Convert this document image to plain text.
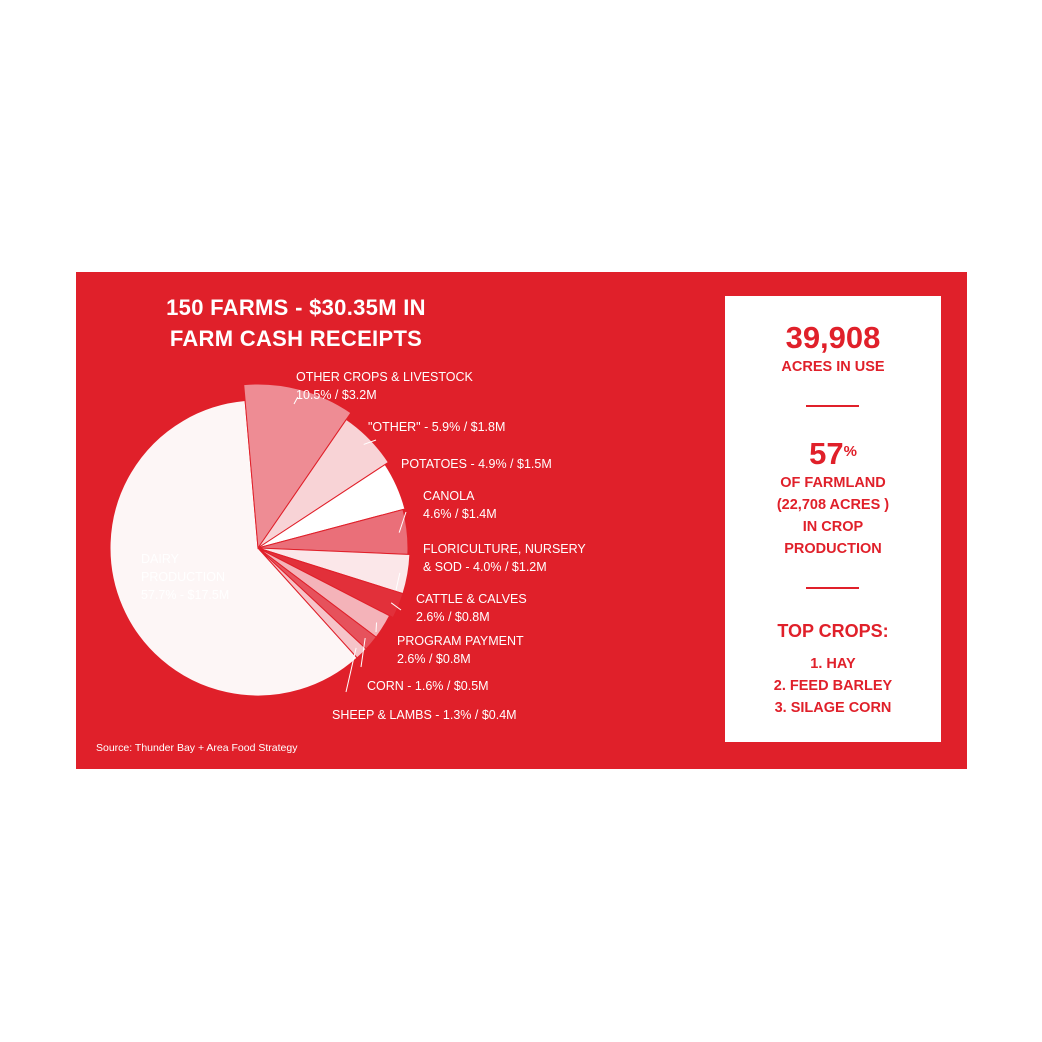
150 FARMS - $30.35M IN
FARM CASH RECEIPTS
DAIRY
PRODUCTION
57.7% - $17.5M
OTHER CROPS & LIVESTOCK
10.5% / $3.2M
"OTHER" - 5.9% / $1.8M
POTATOES - 4.9% / $1.5M
CANOLA
4.6% / $1.4M
FLORICULTURE, NURSERY
& SOD - 4.0% / $1.2M
CATTLE & CALVES
2.6% / $0.8M
PROGRAM PAYMENT
2.6% / $0.8M
CORN - 1.6% / $0.5M
SHEEP & LAMBS - 1.3% / $0.4M
Source: Thunder Bay + Area Food Strategy
39,908
ACRES IN USE
57%
OF FARMLAND
(22,708 ACRES )
IN CROP
PRODUCTION
TOP CROPS:
1. HAY
2. FEED BARLEY
3. SILAGE CORN
